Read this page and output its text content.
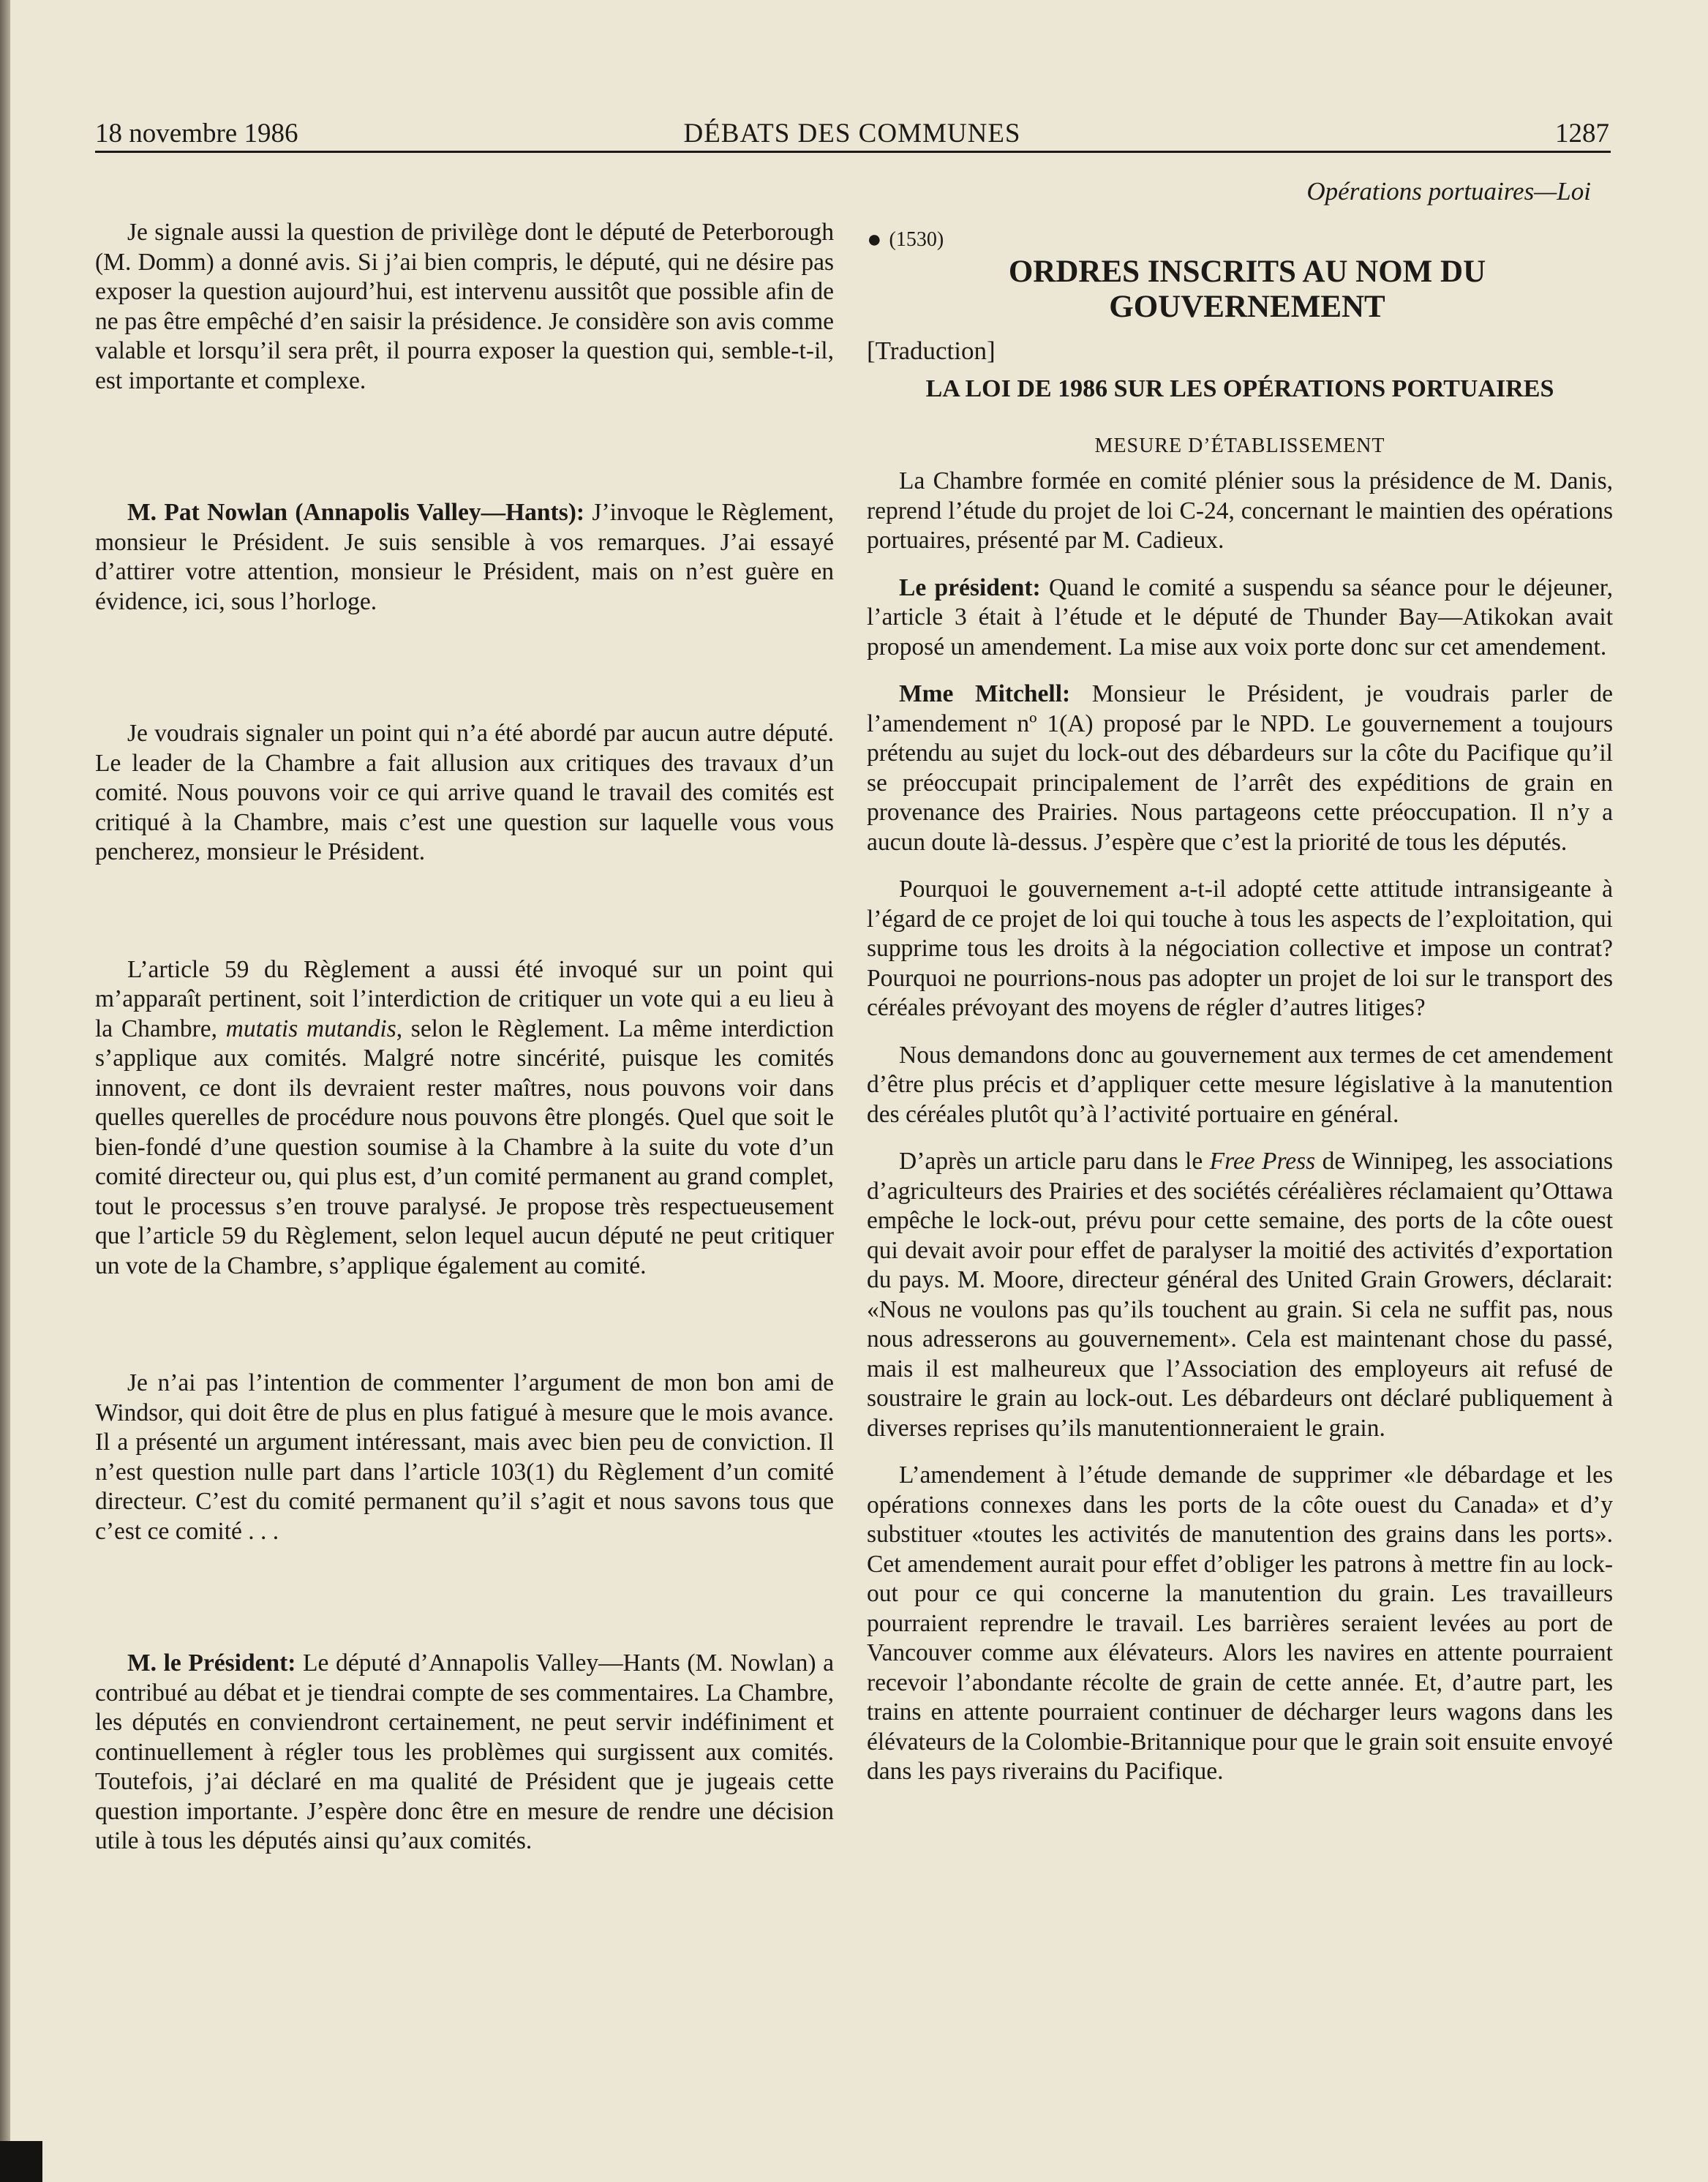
18 novembre 1986	DÉBATS DES COMMUNES	1287

Je signale aussi la question de privilège dont le député de Peterborough (M. Domm) a donné avis. Si j’ai bien compris, le député, qui ne désire pas exposer la question aujourd’hui, est intervenu aussitôt que possible afin de ne pas être empêché d’en saisir la présidence. Je considère son avis comme valable et lorsqu’il sera prêt, il pourra exposer la question qui, semble-t-il, est importante et complexe.

M. Pat Nowlan (Annapolis Valley—Hants): J’invoque le Règlement, monsieur le Président. Je suis sensible à vos remarques. J’ai essayé d’attirer votre attention, monsieur le Président, mais on n’est guère en évidence, ici, sous l’horloge.

Je voudrais signaler un point qui n’a été abordé par aucun autre député. Le leader de la Chambre a fait allusion aux critiques des travaux d’un comité. Nous pouvons voir ce qui arrive quand le travail des comités est critiqué à la Chambre, mais c’est une question sur laquelle vous vous pencherez, monsieur le Président.

L’article 59 du Règlement a aussi été invoqué sur un point qui m’apparaît pertinent, soit l’interdiction de critiquer un vote qui a eu lieu à la Chambre, mutatis mutandis, selon le Règlement. La même interdiction s’applique aux comités. Malgré notre sincérité, puisque les comités innovent, ce dont ils devraient rester maîtres, nous pouvons voir dans quelles querelles de procédure nous pouvons être plongés. Quel que soit le bien-fondé d’une question soumise à la Chambre à la suite du vote d’un comité directeur ou, qui plus est, d’un comité permanent au grand complet, tout le processus s’en trouve paralysé. Je propose très respectueusement que l’article 59 du Règlement, selon lequel aucun député ne peut critiquer un vote de la Chambre, s’applique également au comité.

Je n’ai pas l’intention de commenter l’argument de mon bon ami de Windsor, qui doit être de plus en plus fatigué à mesure que le mois avance. Il a présenté un argument intéressant, mais avec bien peu de conviction. Il n’est question nulle part dans l’article 103(1) du Règlement d’un comité directeur. C’est du comité permanent qu’il s’agit et nous savons tous que c’est ce comité . . .

M. le Président: Le député d’Annapolis Valley—Hants (M. Nowlan) a contribué au débat et je tiendrai compte de ses commentaires. La Chambre, les députés en conviendront certainement, ne peut servir indéfiniment et continuellement à régler tous les problèmes qui surgissent aux comités. Toutefois, j’ai déclaré en ma qualité de Président que je jugeais cette question importante. J’espère donc être en mesure de rendre une décision utile à tous les députés ainsi qu’aux comités.

Opérations portuaires—Loi

● (1530)

ORDRES INSCRITS AU NOM DU GOUVERNEMENT

[Traduction]

LA LOI DE 1986 SUR LES OPÉRATIONS PORTUAIRES

MESURE D’ÉTABLISSEMENT

La Chambre formée en comité plénier sous la présidence de M. Danis, reprend l’étude du projet de loi C-24, concernant le maintien des opérations portuaires, présenté par M. Cadieux.

Le président: Quand le comité a suspendu sa séance pour le déjeuner, l’article 3 était à l’étude et le député de Thunder Bay—Atikokan avait proposé un amendement. La mise aux voix porte donc sur cet amendement.

Mme Mitchell: Monsieur le Président, je voudrais parler de l’amendement nº 1(A) proposé par le NPD. Le gouvernement a toujours prétendu au sujet du lock-out des débardeurs sur la côte du Pacifique qu’il se préoccupait principalement de l’arrêt des expéditions de grain en provenance des Prairies. Nous partageons cette préoccupation. Il n’y a aucun doute là-dessus. J’espère que c’est la priorité de tous les députés.

Pourquoi le gouvernement a-t-il adopté cette attitude intransigeante à l’égard de ce projet de loi qui touche à tous les aspects de l’exploitation, qui supprime tous les droits à la négociation collective et impose un contrat? Pourquoi ne pourrions-nous pas adopter un projet de loi sur le transport des céréales prévoyant des moyens de régler d’autres litiges?

Nous demandons donc au gouvernement aux termes de cet amendement d’être plus précis et d’appliquer cette mesure législative à la manutention des céréales plutôt qu’à l’activité portuaire en général.

D’après un article paru dans le Free Press de Winnipeg, les associations d’agriculteurs des Prairies et des sociétés céréalières réclamaient qu’Ottawa empêche le lock-out, prévu pour cette semaine, des ports de la côte ouest qui devait avoir pour effet de paralyser la moitié des activités d’exportation du pays. M. Moore, directeur général des United Grain Growers, déclarait: «Nous ne voulons pas qu’ils touchent au grain. Si cela ne suffit pas, nous nous adresserons au gouvernement». Cela est maintenant chose du passé, mais il est malheureux que l’Association des employeurs ait refusé de soustraire le grain au lock-out. Les débardeurs ont déclaré publiquement à diverses reprises qu’ils manutentionneraient le grain.

L’amendement à l’étude demande de supprimer «le débardage et les opérations connexes dans les ports de la côte ouest du Canada» et d’y substituer «toutes les activités de manutention des grains dans les ports». Cet amendement aurait pour effet d’obliger les patrons à mettre fin au lock-out pour ce qui concerne la manutention du grain. Les travailleurs pourraient reprendre le travail. Les barrières seraient levées au port de Vancouver comme aux élévateurs. Alors les navires en attente pourraient recevoir l’abondante récolte de grain de cette année. Et, d’autre part, les trains en attente pourraient continuer de décharger leurs wagons dans les élévateurs de la Colombie-Britannique pour que le grain soit ensuite envoyé dans les pays riverains du Pacifique.
